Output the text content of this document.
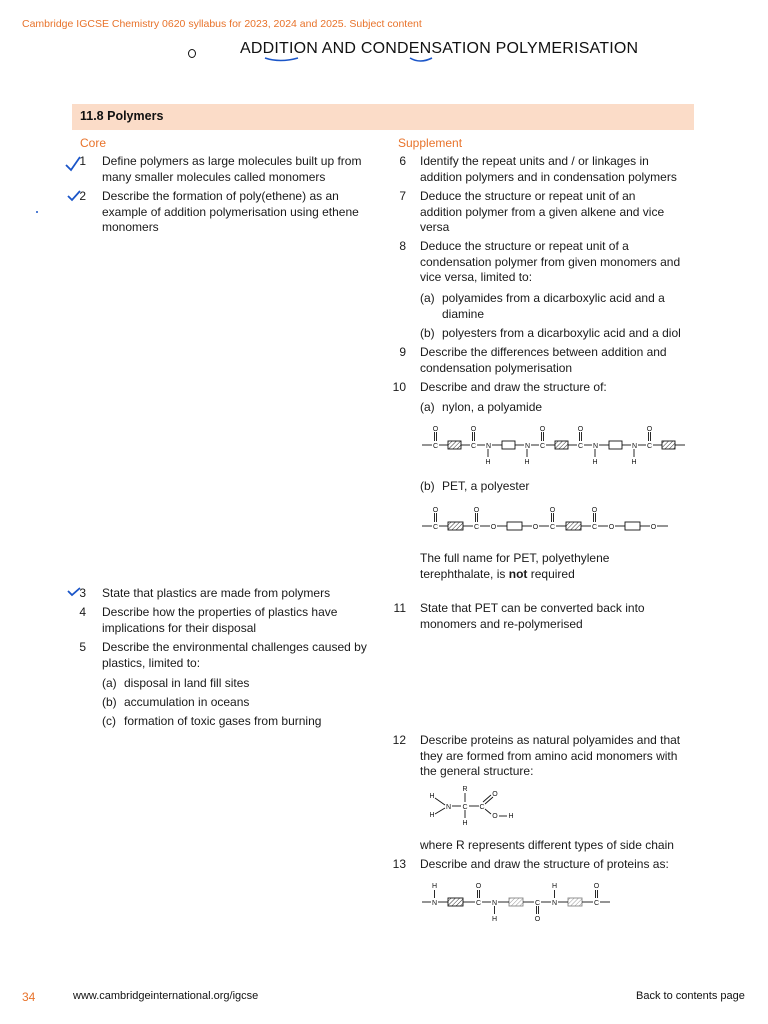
Cambridge IGCSE Chemistry 0620 syllabus for 2023, 2024 and 2025. Subject content
ADDITION AND CONDENSATION POLYMERISATION
11.8 Polymers
Core	Supplement
1 Define polymers as large molecules built up from
many smaller molecules called monomers
2 Describe the formation of poly(ethene) as an
example of addition polymerisation using ethene
monomers
3 State that plastics are made from polymers
4 Describe how the properties of plastics have
implications for their disposal
5 Describe the environmental challenges caused by
plastics, limited to:
(a) disposal in land fill sites
(b) accumulation in oceans
(c) formation of toxic gases from burning
6 Identify the repeat units and / or linkages in
addition polymers and in condensation polymers
7 Deduce the structure or repeat unit of an
addition polymer from a given alkene and vice
versa
8 Deduce the structure or repeat unit of a
condensation polymer from given monomers and
vice versa, limited to:
9 Describe the differences between addition and
condensation polymerisation
10 Describe and draw the structure of:
11 State that PET can be converted back into
monomers and re-polymerised
12 Describe proteins as natural polyamides and that
they are formed from amino acid monomers with
the general structure:
13 Describe and draw the structure of proteins as:
(a) polyamides from a dicarboxylic acid and a
diamine
(b) polyesters from a dicarboxylic acid and a diol
(a) nylon, a polyamide
(b) PET, a polyester
The full name for PET, polyethylene
terephthalate, is not required
where R represents different types of side chain
C
O
C
O
N
H
N
H
C
O
C
O
N
H
N
H
C
O
C
O
C
O
O	O C
O
C
O
O	O
H
H
N C
R
H
C
O
O H
N
H
C
O
N
H
C
O
N
H
C
O
34	www.cambridgeinternational.org/igcse	Back to contents page
